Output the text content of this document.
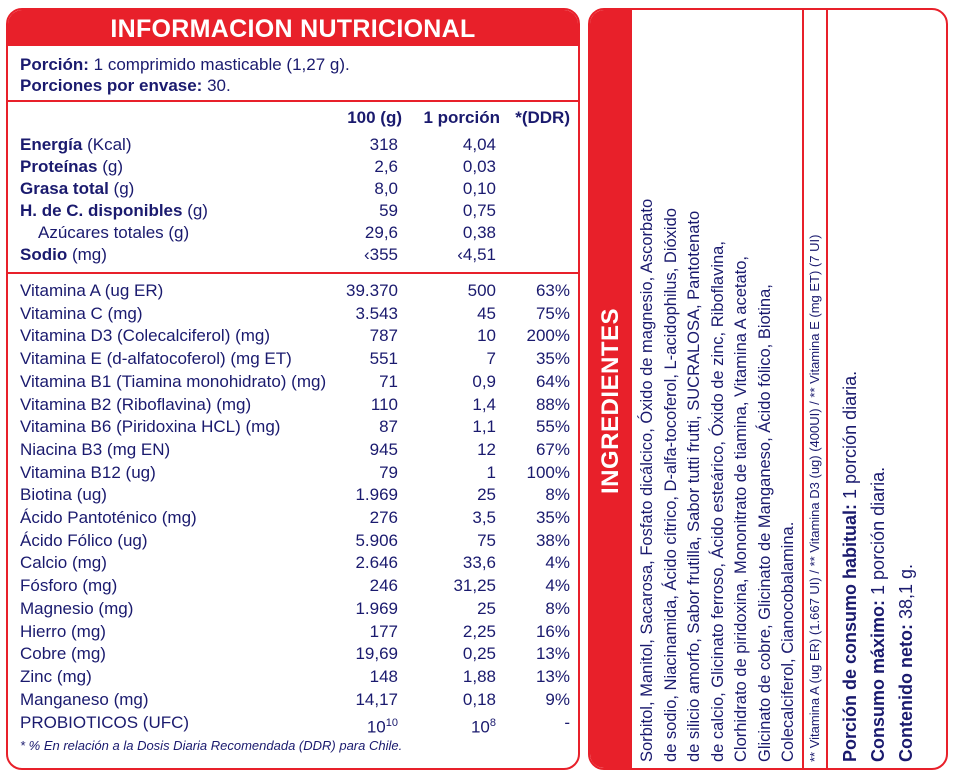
INFORMACION NUTRICIONAL
Porción: 1 comprimido masticable (1,27 g).
Porciones por envase: 30.
100 (g) 1 porción *(DDR)
Energía (Kcal)	318	4,04
Proteínas (g)	2,6	0,03
Grasa total (g)	8,0	0,10
H. de C. disponibles (g)	59	0,75
Azúcares totales (g)	29,6	0,38
Sodio (mg)	‹355	‹4,51
PROBIOTICOS (UFC)	$10^{10}$	$10^8$	-
* % En relación a la Dosis Diaria Recomendada (DDR) para Chile.
Vitamina A (ug ER)	39.370	500 63%
Vitamina C (mg)	3.543	45 75%
Vitamina D3 (Colecalciferol) (mg)	787	10 200%
Vitamina E (d-alfatocoferol) (mg ET)	551	7 35%
Vitamina B1 (Tiamina monohidrato) (mg)	71	0,9 64%
Vitamina B2 (Riboflavina) (mg)	110	1,4 88%
Vitamina B6 (Piridoxina HCL) (mg)	87	1,1 55%
Niacina B3 (mg EN)	945	12 67%
Vitamina B12 (ug)	79	1 100%
Biotina (ug)	1.969	25	8%
Ácido Pantoténico (mg)	276	3,5 35%
Ácido Fólico (ug)	5.906	75 38%
Calcio (mg)	2.646	33,6	4%
Fósforo (mg)	246	31,25	4%
Magnesio (mg)	1.969	25	8%
Hierro (mg)	177	2,25 16%
Cobre (mg)	19,69	0,25 13%
Zinc (mg)	148	1,88 13%
Manganeso (mg)	14,17	0,18	9%
INGREDIENTES	** Vitamina A (ug ER) (1.667 UI) / ** Vitamina D3 (ug) (400UI) / ** Vitamina E (mg ET) (7 UI)
Sorbitol, Manitol, Sacarosa, Fosfato dicálcico, Óxido de magnesio, Ascorbato de sodio, Niacinamida, Ácido cítrico, D-alfa-tocoferol, L-acidophilus, Dióxido de silicio amorfo, Sabor frutilla, Sabor tutti frutti, SUCRALOSA, Pantotenato de calcio, Glicinato ferroso, Ácido esteárico, Óxido de zinc, Riboflavina, Clorhidrato de piridoxina, Mononitrato de tiamina, Vitamina A acetato, Glicinato de cobre, Glicinato de Manganeso, Ácido fólico, Biotina, Colecalciferol, Cianocobalamina. Porción de consumo habitual: 1 porción diaria.
Consumo máximo: 1 porción diaria.
Contenido neto: 38,1 g.
